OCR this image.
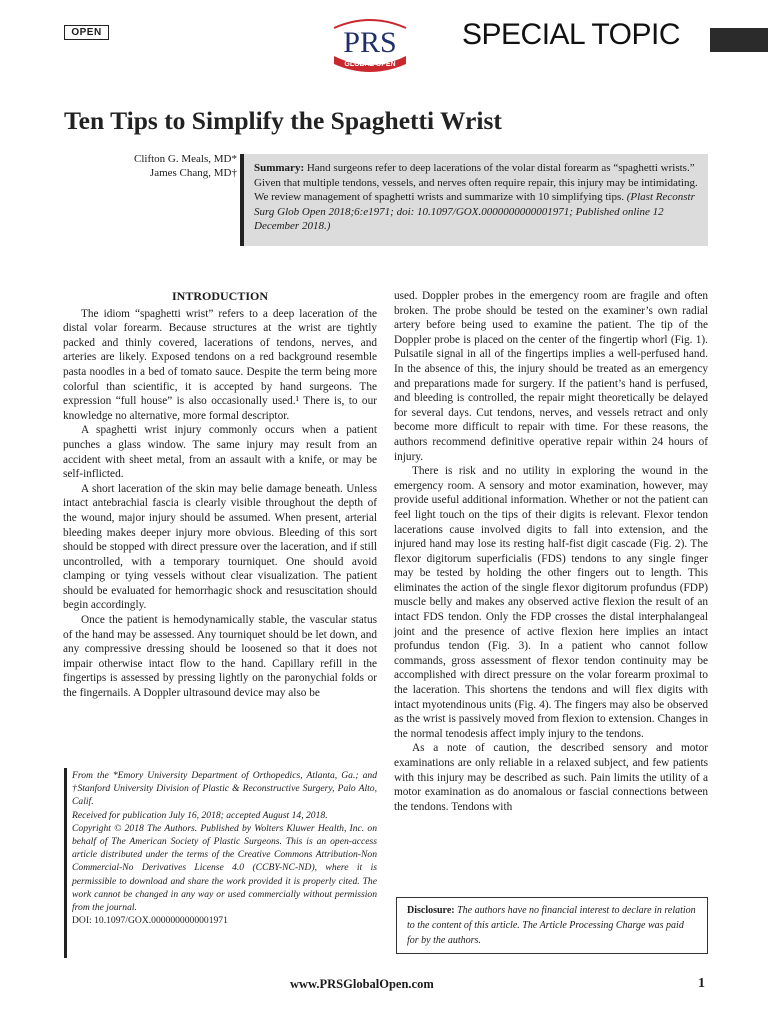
OPEN	PRS
GLOBAL OPEN
SPECIAL TOPIC
Ten Tips to Simplify the Spaghetti Wrist
Clifton G. Meals, MD*
James Chang, MD†	Summary: Hand surgeons refer to deep lacerations of the volar distal forearm as “spaghetti wrists.” Given that multiple tendons, vessels, and nerves often require repair, this injury may be intimidating. We review management of spaghetti wrists and summarize with 10 simplifying tips. (Plast Reconstr Surg Glob Open 2018;6:e1971; doi: 10.1097/GOX.0000000000001971; Published online 12 December 2018.)
INTRODUCTION

The idiom “spaghetti wrist” refers to a deep laceration of the distal volar forearm. Because structures at the wrist are tightly packed and thinly covered, lacerations of tendons, nerves, and arteries are likely. Exposed tendons on a red background resemble pasta noodles in a bed of tomato sauce. Despite the term being more colorful than scientific, it is accepted by hand surgeons. The expression “full house” is also occasionally used.¹ There is, to our knowledge no alternative, more formal descriptor.

A spaghetti wrist injury commonly occurs when a patient punches a glass window. The same injury may result from an accident with sheet metal, from an assault with a knife, or may be self-inflicted.

A short laceration of the skin may belie damage beneath. Unless intact antebrachial fascia is clearly visible throughout the depth of the wound, major injury should be assumed. When present, arterial bleeding makes deeper injury more obvious. Bleeding of this sort should be stopped with direct pressure over the laceration, and if still uncontrolled, with a temporary tourniquet. One should avoid clamping or tying vessels without clear visualization. The patient should be evaluated for hemorrhagic shock and resuscitation should begin accordingly.

Once the patient is hemodynamically stable, the vascular status of the hand may be assessed. Any tourniquet should be let down, and any compressive dressing should be loosened so that it does not impair otherwise intact flow to the hand. Capillary refill in the fingertips is assessed by pressing lightly on the paronychial folds or the fingernails. A Doppler ultrasound device may also be

used. Doppler probes in the emergency room are fragile and often broken. The probe should be tested on the examiner’s own radial artery before being used to examine the patient. The tip of the Doppler probe is placed on the center of the fingertip whorl (Fig. 1). Pulsatile signal in all of the fingertips implies a well-perfused hand. In the absence of this, the injury should be treated as an emergency and preparations made for surgery. If the patient’s hand is perfused, and bleeding is controlled, the repair might theoretically be delayed for several days. Cut tendons, nerves, and vessels retract and only become more difficult to repair with time. For these reasons, the authors recommend definitive operative repair within 24 hours of injury.

There is risk and no utility in exploring the wound in the emergency room. A sensory and motor examination, however, may provide useful additional information. Whether or not the patient can feel light touch on the tips of their digits is relevant. Flexor tendon lacerations cause involved digits to fall into extension, and the injured hand may lose its resting half-fist digit cascade (Fig. 2). The flexor digitorum superficialis (FDS) tendons to any single finger may be tested by holding the other fingers out to length. This eliminates the action of the single flexor digitorum profundus (FDP) muscle belly and makes any observed active flexion the result of an intact FDS tendon. Only the FDP crosses the distal interphalangeal joint and the presence of active flexion here implies an intact profundus tendon (Fig. 3). In a patient who cannot follow commands, gross assessment of flexor tendon continuity may be accomplished with direct pressure on the volar forearm proximal to the laceration. This shortens the tendons and will flex digits with intact myotendinous units (Fig. 4). The fingers may also be observed as the wrist is passively moved from flexion to extension. Changes in the normal tenodesis affect imply injury to the tendons.

As a note of caution, the described sensory and motor examinations are only reliable in a relaxed subject, and few patients with this injury may be described as such. Pain limits the utility of a motor examination as do anomalous or fascial connections between the tendons. Tendons with

From the *Emory University Department of Orthopedics, Atlanta, Ga.; and †Stanford University Division of Plastic & Reconstructive Surgery, Palo Alto, Calif.
Received for publication July 16, 2018; accepted August 14, 2018.
Copyright © 2018 The Authors. Published by Wolters Kluwer Health, Inc. on behalf of The American Society of Plastic Surgeons. This is an open-access article distributed under the terms of the Creative Commons Attribution-Non Commercial-No Derivatives License 4.0 (CCBY-NC-ND), where it is permissible to download and share the work provided it is properly cited. The work cannot be changed in any way or used commercially without permission from the journal.
DOI: 10.1097/GOX.0000000000001971
Disclosure: The authors have no financial interest to declare in relation to the content of this article. The Article Processing Charge was paid for by the authors.
www.PRSGlobalOpen.com	1
